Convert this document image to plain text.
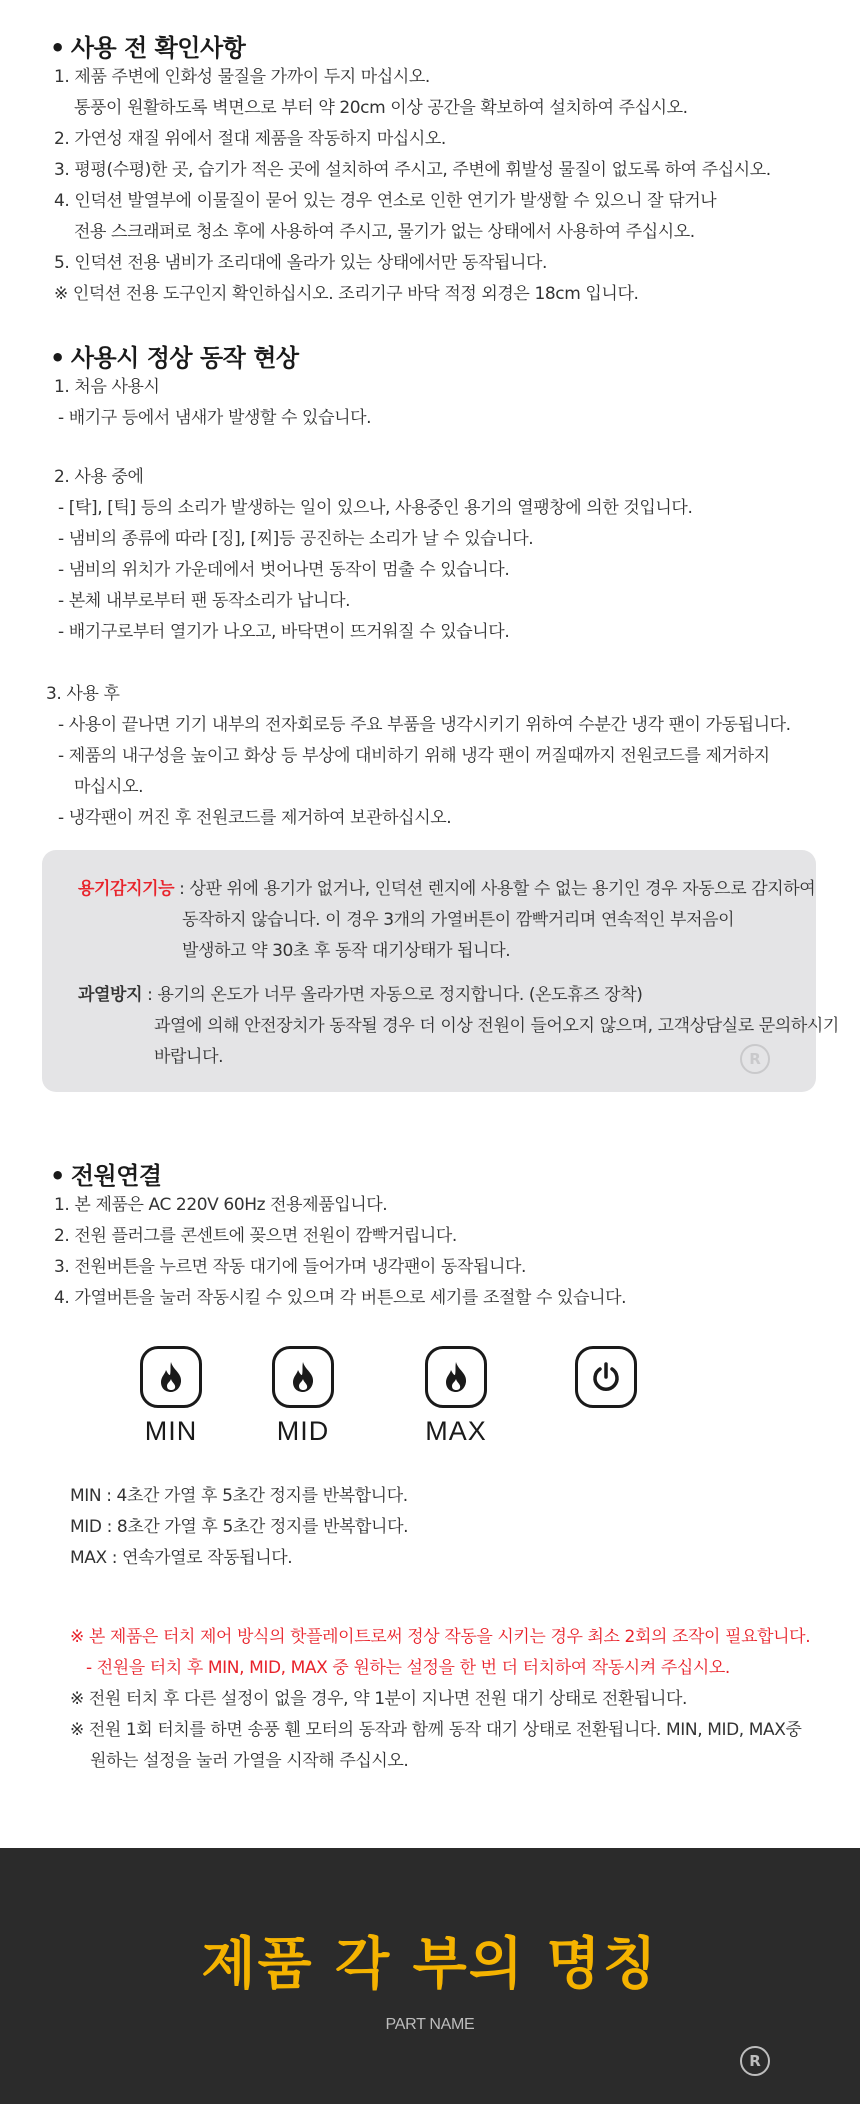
• 사용 전 확인사항
1. 제품 주변에 인화성 물질을 가까이 두지 마십시오.
통풍이 원활하도록 벽면으로 부터 약 20cm 이상 공간을 확보하여 설치하여 주십시오.
2. 가연성 재질 위에서 절대 제품을 작동하지 마십시오.
3. 평평(수평)한 곳, 습기가 적은 곳에 설치하여 주시고, 주변에 휘발성 물질이 없도록 하여 주십시오.
4. 인덕션 발열부에 이물질이 묻어 있는 경우 연소로 인한 연기가 발생할 수 있으니 잘 닦거나
전용 스크래퍼로 청소 후에 사용하여 주시고, 물기가 없는 상태에서 사용하여 주십시오.
5. 인덕션 전용 냄비가 조리대에 올라가 있는 상태에서만 동작됩니다.
※ 인덕션 전용 도구인지 확인하십시오. 조리기구 바닥 적정 외경은 18cm 입니다.
• 사용시 정상 동작 현상
1. 처음 사용시
- 배기구 등에서 냄새가 발생할 수 있습니다.
2. 사용 중에
- [탁], [틱] 등의 소리가 발생하는 일이 있으나, 사용중인 용기의 열팽창에 의한 것입니다.
- 냄비의 종류에 따라 [징], [찌]등 공진하는 소리가 날 수 있습니다.
- 냄비의 위치가 가운데에서 벗어나면 동작이 멈출 수 있습니다.
- 본체 내부로부터 팬 동작소리가 납니다.
- 배기구로부터 열기가 나오고, 바닥면이 뜨거워질 수 있습니다.
3. 사용 후
- 사용이 끝나면 기기 내부의 전자회로등 주요 부품을 냉각시키기 위하여 수분간 냉각 팬이 가동됩니다.
- 제품의 내구성을 높이고 화상 등 부상에 대비하기 위해 냉각 팬이 꺼질때까지 전원코드를 제거하지
마십시오.
- 냉각팬이 꺼진 후 전원코드를 제거하여 보관하십시오.
용기감지기능 : 상판 위에 용기가 없거나, 인덕션 렌지에 사용할 수 없는 용기인 경우 자동으로 감지하여
동작하지 않습니다. 이 경우 3개의 가열버튼이 깜빡거리며 연속적인 부저음이
발생하고 약 30초 후 동작 대기상태가 됩니다.
과열방지 : 용기의 온도가 너무 올라가면 자동으로 정지합니다. (온도휴즈 장착)
과열에 의해 안전장치가 동작될 경우 더 이상 전원이 들어오지 않으며, 고객상담실로 문의하시기
바랍니다.	R
• 전원연결
1. 본 제품은 AC 220V 60Hz 전용제품입니다.
2. 전원 플러그를 콘센트에 꽂으면 전원이 깜빡거립니다.
3. 전원버튼을 누르면 작동 대기에 들어가며 냉각팬이 동작됩니다.
4. 가열버튼을 눌러 작동시킬 수 있으며 각 버튼으로 세기를 조절할 수 있습니다.
MIN	MID	MAX
MIN : 4초간 가열 후 5초간 정지를 반복합니다.
MID : 8초간 가열 후 5초간 정지를 반복합니다.
MAX : 연속가열로 작동됩니다.
※ 본 제품은 터치 제어 방식의 핫플레이트로써 정상 작동을 시키는 경우 최소 2회의 조작이 필요합니다.
- 전원을 터치 후 MIN, MID, MAX 중 원하는 설정을 한 번 더 터치하여 작동시켜 주십시오.
※ 전원 터치 후 다른 설정이 없을 경우, 약 1분이 지나면 전원 대기 상태로 전환됩니다.
※ 전원 1회 터치를 하면 송풍 휀 모터의 동작과 함께 동작 대기 상태로 전환됩니다. MIN, MID, MAX중
원하는 설정을 눌러 가열을 시작해 주십시오.
제품 각 부의 명칭
PART NAME
R
